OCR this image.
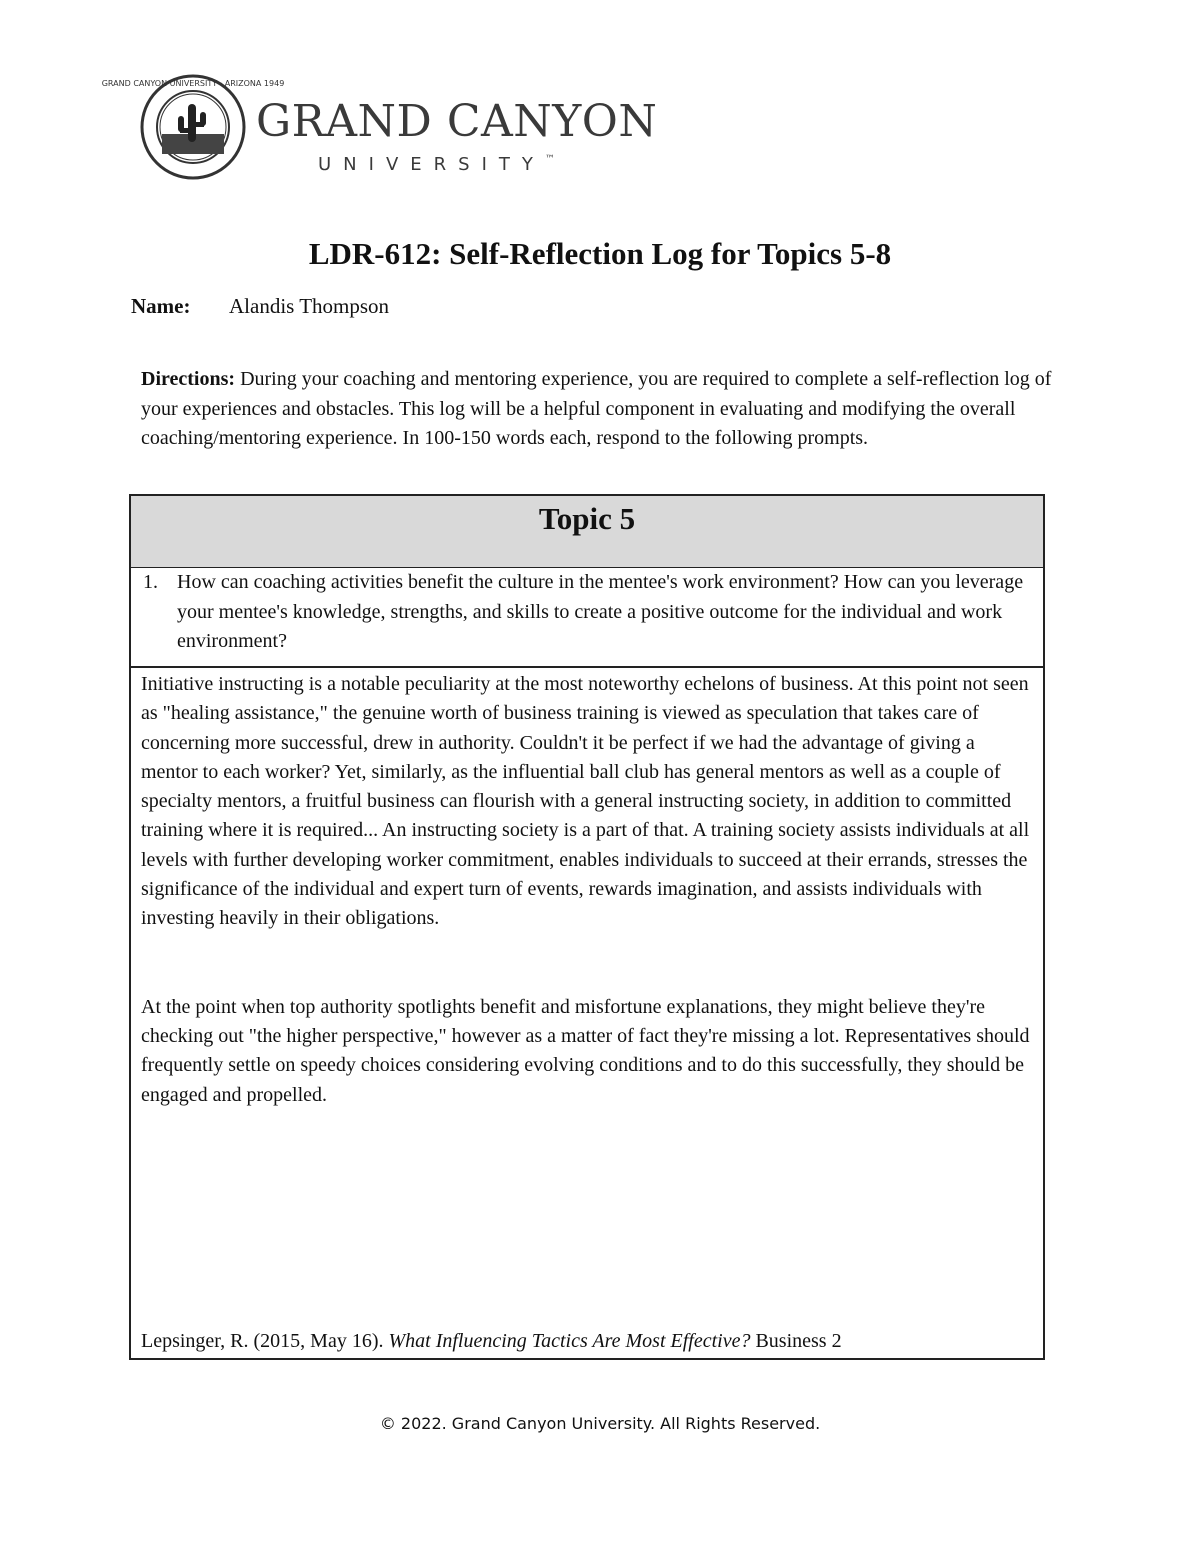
GRAND CANYON UNIVERSITY · ARIZONA 1949
GRAND CANYON
UNIVERSITY™
LDR-612: Self-Reflection Log for Topics 5-8
Name: Alandis Thompson
Directions: During your coaching and mentoring experience, you are required to complete a self-reflection log of your experiences and obstacles. This log will be a helpful component in evaluating and modifying the overall coaching/mentoring experience. In 100-150 words each, respond to the following prompts.
Topic 5
1. How can coaching activities benefit the culture in the mentee's work environment? How can you leverage your mentee's knowledge, strengths, and skills to create a positive outcome for the individual and work environment?

Initiative instructing is a notable peculiarity at the most noteworthy echelons of business. At this point not seen as "healing assistance," the genuine worth of business training is viewed as speculation that takes care of concerning more successful, drew in authority. Couldn't it be perfect if we had the advantage of giving a mentor to each worker? Yet, similarly, as the influential ball club has general mentors as well as a couple of specialty mentors, a fruitful business can flourish with a general instructing society, in addition to committed training where it is required... An instructing society is a part of that. A training society assists individuals at all levels with further developing worker commitment, enables individuals to succeed at their errands, stresses the significance of the individual and expert turn of events, rewards imagination, and assists individuals with investing heavily in their obligations.

At the point when top authority spotlights benefit and misfortune explanations, they might believe they're checking out "the higher perspective," however as a matter of fact they're missing a lot. Representatives should frequently settle on speedy choices considering evolving conditions and to do this successfully, they should be engaged and propelled.

Lepsinger, R. (2015, May 16). What Influencing Tactics Are Most Effective? Business 2
© 2022. Grand Canyon University. All Rights Reserved.
